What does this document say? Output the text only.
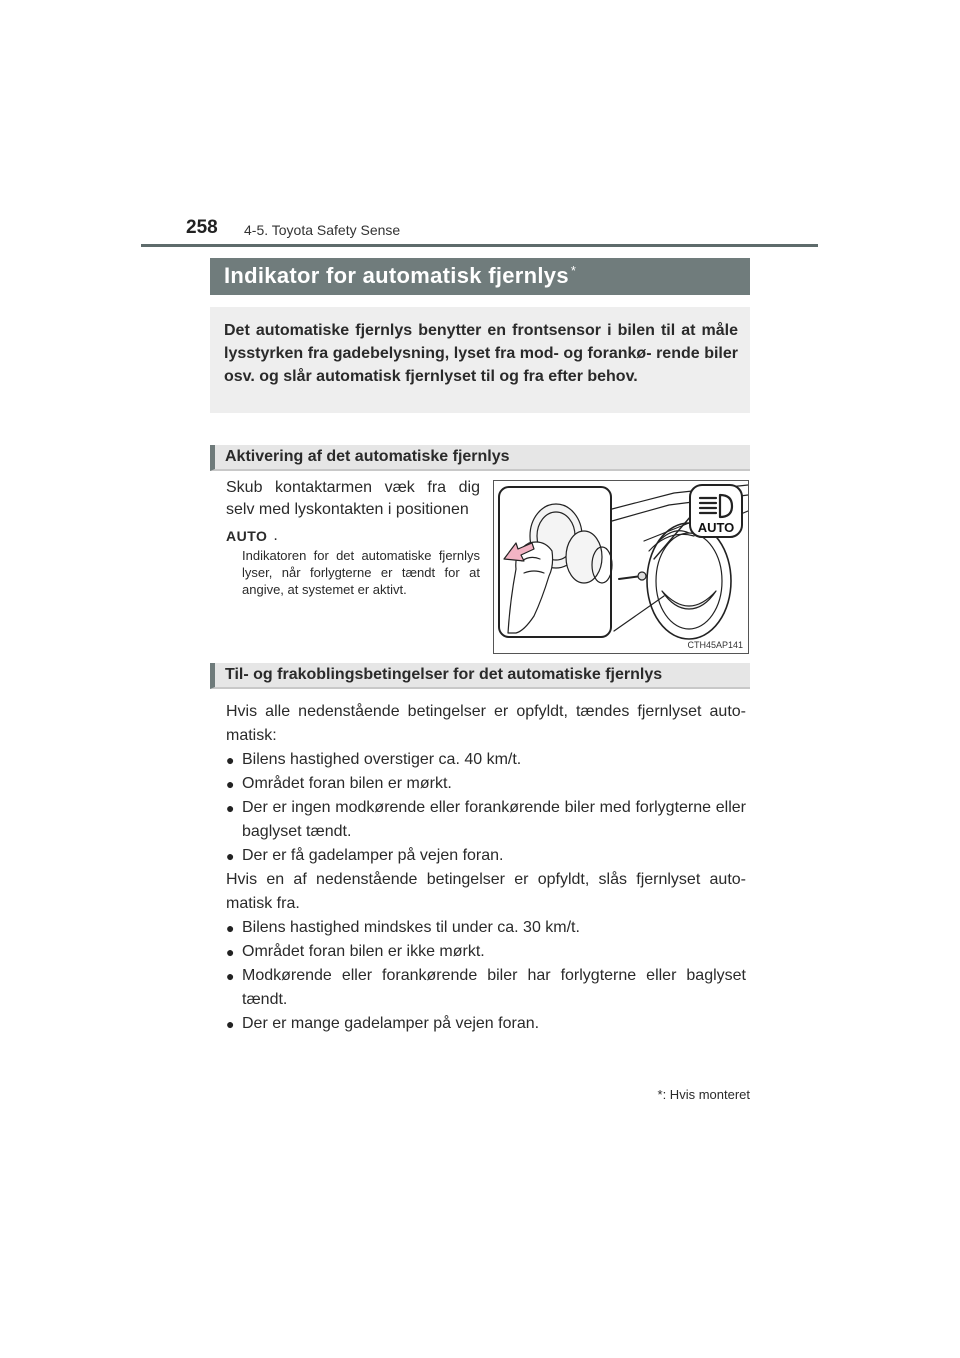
258 4-5. Toyota Safety Sense
Indikator for automatisk fjernlys *
Det automatiske fjernlys benytter en frontsensor i bilen til at måle lysstyrken fra gadebelysning, lyset fra mod- og forankø- rende biler osv. og slår automatisk fjernlyset til og fra efter behov.
Aktivering af det automatiske fjernlys
Skub kontaktarmen væk fra dig selv med lyskontakten i positionen
AUTO .
Indikatoren for det automatiske fjernlys lyser, når forlygterne er tændt for at angive, at systemet er aktivt.
AUTO
CTH45AP141
Til- og frakoblingsbetingelser for det automatiske fjernlys

Hvis alle nedenstående betingelser er opfyldt, tændes fjernlyset auto- matisk:

● Bilens hastighed overstiger ca. 40 km/t.
● Området foran bilen er mørkt.
● Der er ingen modkørende eller forankørende biler med forlygterne eller baglyset tændt.
● Der er få gadelamper på vejen foran.

Hvis en af nedenstående betingelser er opfyldt, slås fjernlyset auto- matisk fra.

● Bilens hastighed mindskes til under ca. 30 km/t.
● Området foran bilen er ikke mørkt.
● Modkørende eller forankørende biler har forlygterne eller baglyset tændt.
● Der er mange gadelamper på vejen foran.
*: Hvis monteret
